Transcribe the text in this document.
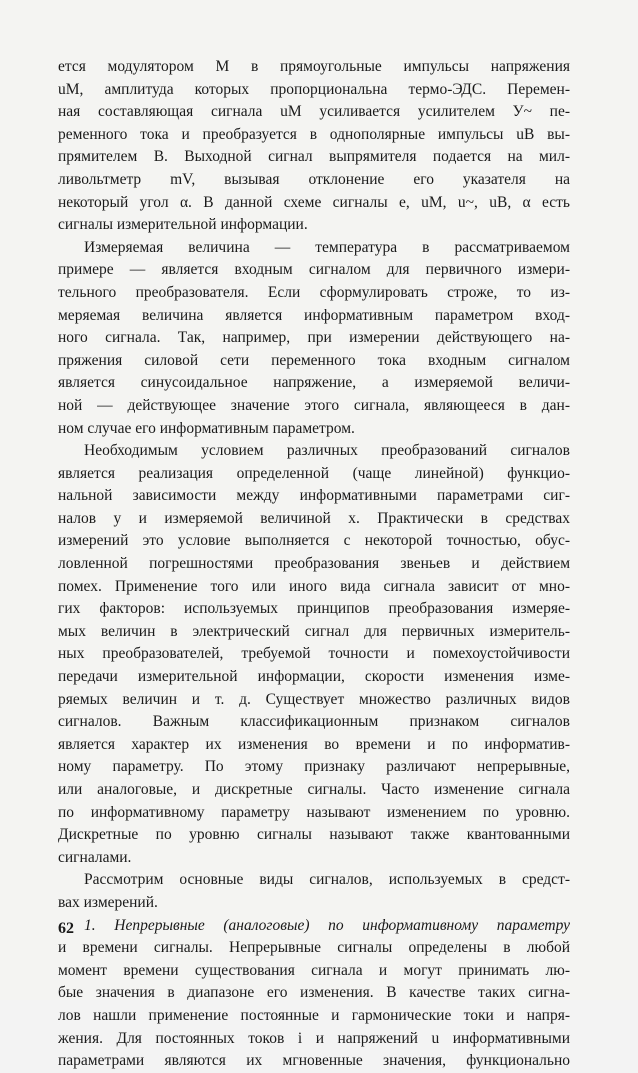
ется модулятором M в прямоугольные импульсы напряжения
uM, амплитуда которых пропорциональна термо-ЭДС. Перемен-
ная составляющая сигнала uM усиливается усилителем У~ пе-
ременного тока и преобразуется в однополярные импульсы uB вы-
прямителем B. Выходной сигнал выпрямителя подается на мил-
ливольтметр mV, вызывая отклонение его указателя на
некоторый угол α. В данной схеме сигналы e, uM, u~, uB, α есть
сигналы измерительной информации.
Измеряемая величина — температура в рассматриваемом
примере — является входным сигналом для первичного измери-
тельного преобразователя. Если сформулировать строже, то из-
меряемая величина является информативным параметром вход-
ного сигнала. Так, например, при измерении действующего на-
пряжения силовой сети переменного тока входным сигналом
является синусоидальное напряжение, а измеряемой величи-
ной — действующее значение этого сигнала, являющееся в дан-
ном случае его информативным параметром.
Необходимым условием различных преобразований сигналов
является реализация определенной (чаще линейной) функцио-
нальной зависимости между информативными параметрами сиг-
налов y и измеряемой величиной x. Практически в средствах
измерений это условие выполняется с некоторой точностью, обус-
ловленной погрешностями преобразования звеньев и действием
помех. Применение того или иного вида сигнала зависит от мно-
гих факторов: используемых принципов преобразования измеряе-
мых величин в электрический сигнал для первичных измеритель-
ных преобразователей, требуемой точности и помехоустойчивости
передачи измерительной информации, скорости изменения изме-
ряемых величин и т. д. Существует множество различных видов
сигналов. Важным классификационным признаком сигналов
является характер их изменения во времени и по информатив-
ному параметру. По этому признаку различают непрерывные,
или аналоговые, и дискретные сигналы. Часто изменение сигнала
по информативному параметру называют изменением по уровню.
Дискретные по уровню сигналы называют также квантованными
сигналами.
Рассмотрим основные виды сигналов, используемых в средст-
вах измерений.
1. Непрерывные (аналоговые) по информативному параметру
и времени сигналы. Непрерывные сигналы определены в любой
момент времени существования сигнала и могут принимать лю-
бые значения в диапазоне его изменения. В качестве таких сигна-
лов нашли применение постоянные и гармонические токи и напря-
жения. Для постоянных токов i и напряжений u информативными
параметрами являются их мгновенные значения, функционально
62
